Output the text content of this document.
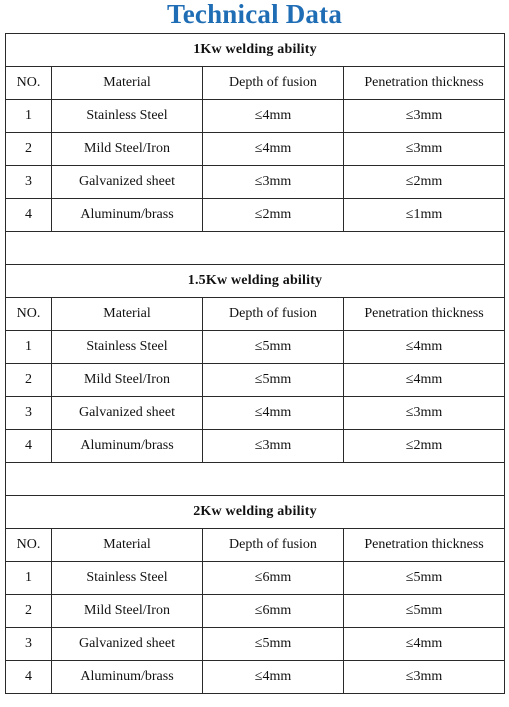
Technical Data
1Kw welding ability			
NO.	Material	Depth of fusion	Penetration thickness
1	Stainless Steel	≤4mm	≤3mm
2	Mild Steel/Iron	≤4mm	≤3mm
3	Galvanized sheet	≤3mm	≤2mm
4	Aluminum/brass	≤2mm	≤1mm

1.5Kw welding ability			
NO.	Material	Depth of fusion	Penetration thickness
1	Stainless Steel	≤5mm	≤4mm
2	Mild Steel/Iron	≤5mm	≤4mm
3	Galvanized sheet	≤4mm	≤3mm
4	Aluminum/brass	≤3mm	≤2mm

2Kw welding ability			
NO.	Material	Depth of fusion	Penetration thickness
1	Stainless Steel	≤6mm	≤5mm
2	Mild Steel/Iron	≤6mm	≤5mm
3	Galvanized sheet	≤5mm	≤4mm
4	Aluminum/brass	≤4mm	≤3mm
